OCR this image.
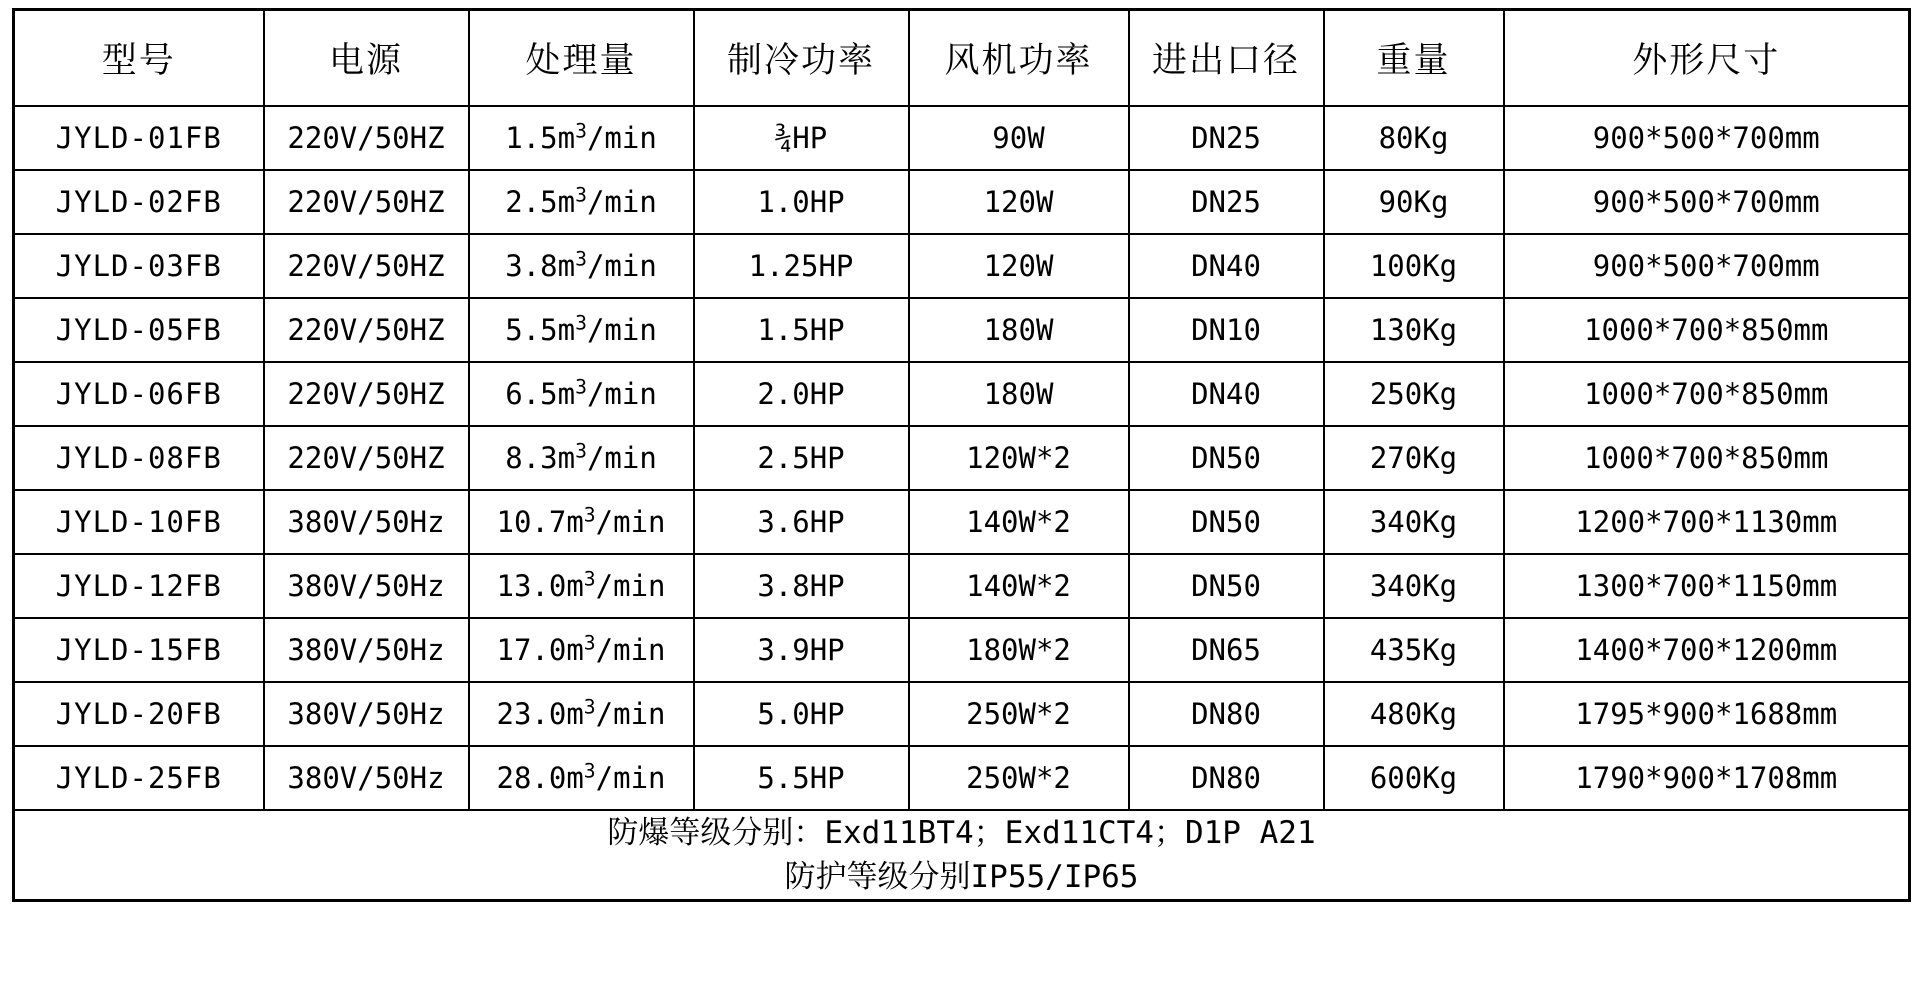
型号	电源	处理量	制冷功率	风机功率	进出口径	重量	外形尺寸
JYLD-01FB	220V/50HZ	$1.5m^3/\min$	¾HP	90W	DN25	80Kg	900*500*700mm
JYLD-02FB	220V/50HZ	$2.5m^3/\min$	1.0HP	120W	DN25	90Kg	900*500*700mm
JYLD-03FB	220V/50HZ	$3.8m^3/\min$	1.25HP	120W	DN40	100Kg	900*500*700mm
JYLD-05FB	220V/50HZ	$5.5m^3/\min$	1.5HP	180W	DN10	130Kg	1000*700*850mm
JYLD-06FB	220V/50HZ	$6.5m^3/\min$	2.0HP	180W	DN40	250Kg	1000*700*850mm
JYLD-08FB	220V/50HZ	$8.3m^3/\min$	2.5HP	120W*2	DN50	270Kg	1000*700*850mm
JYLD-10FB	380V/50Hz	$10.7m^3/\min$	3.6HP	140W*2	DN50	340Kg	1200*700*1130mm
JYLD-12FB	380V/50Hz	$13.0m^3/\min$	3.8HP	140W*2	DN50	340Kg	1300*700*1150mm
JYLD-15FB	380V/50Hz	$17.0m^3/\min$	3.9HP	180W*2	DN65	435Kg	1400*700*1200mm
JYLD-20FB	380V/50Hz	$23.0m^3/\min$	5.0HP	250W*2	DN80	480Kg	1795*900*1688mm
JYLD-25FB	380V/50Hz	$28.0m^3/\min$	5.5HP	250W*2	DN80	600Kg	1790*900*1708mm

防爆等级分别：Exd11BT4；Exd11CT4；D1P A21
防护等级分别IP55/IP65							
